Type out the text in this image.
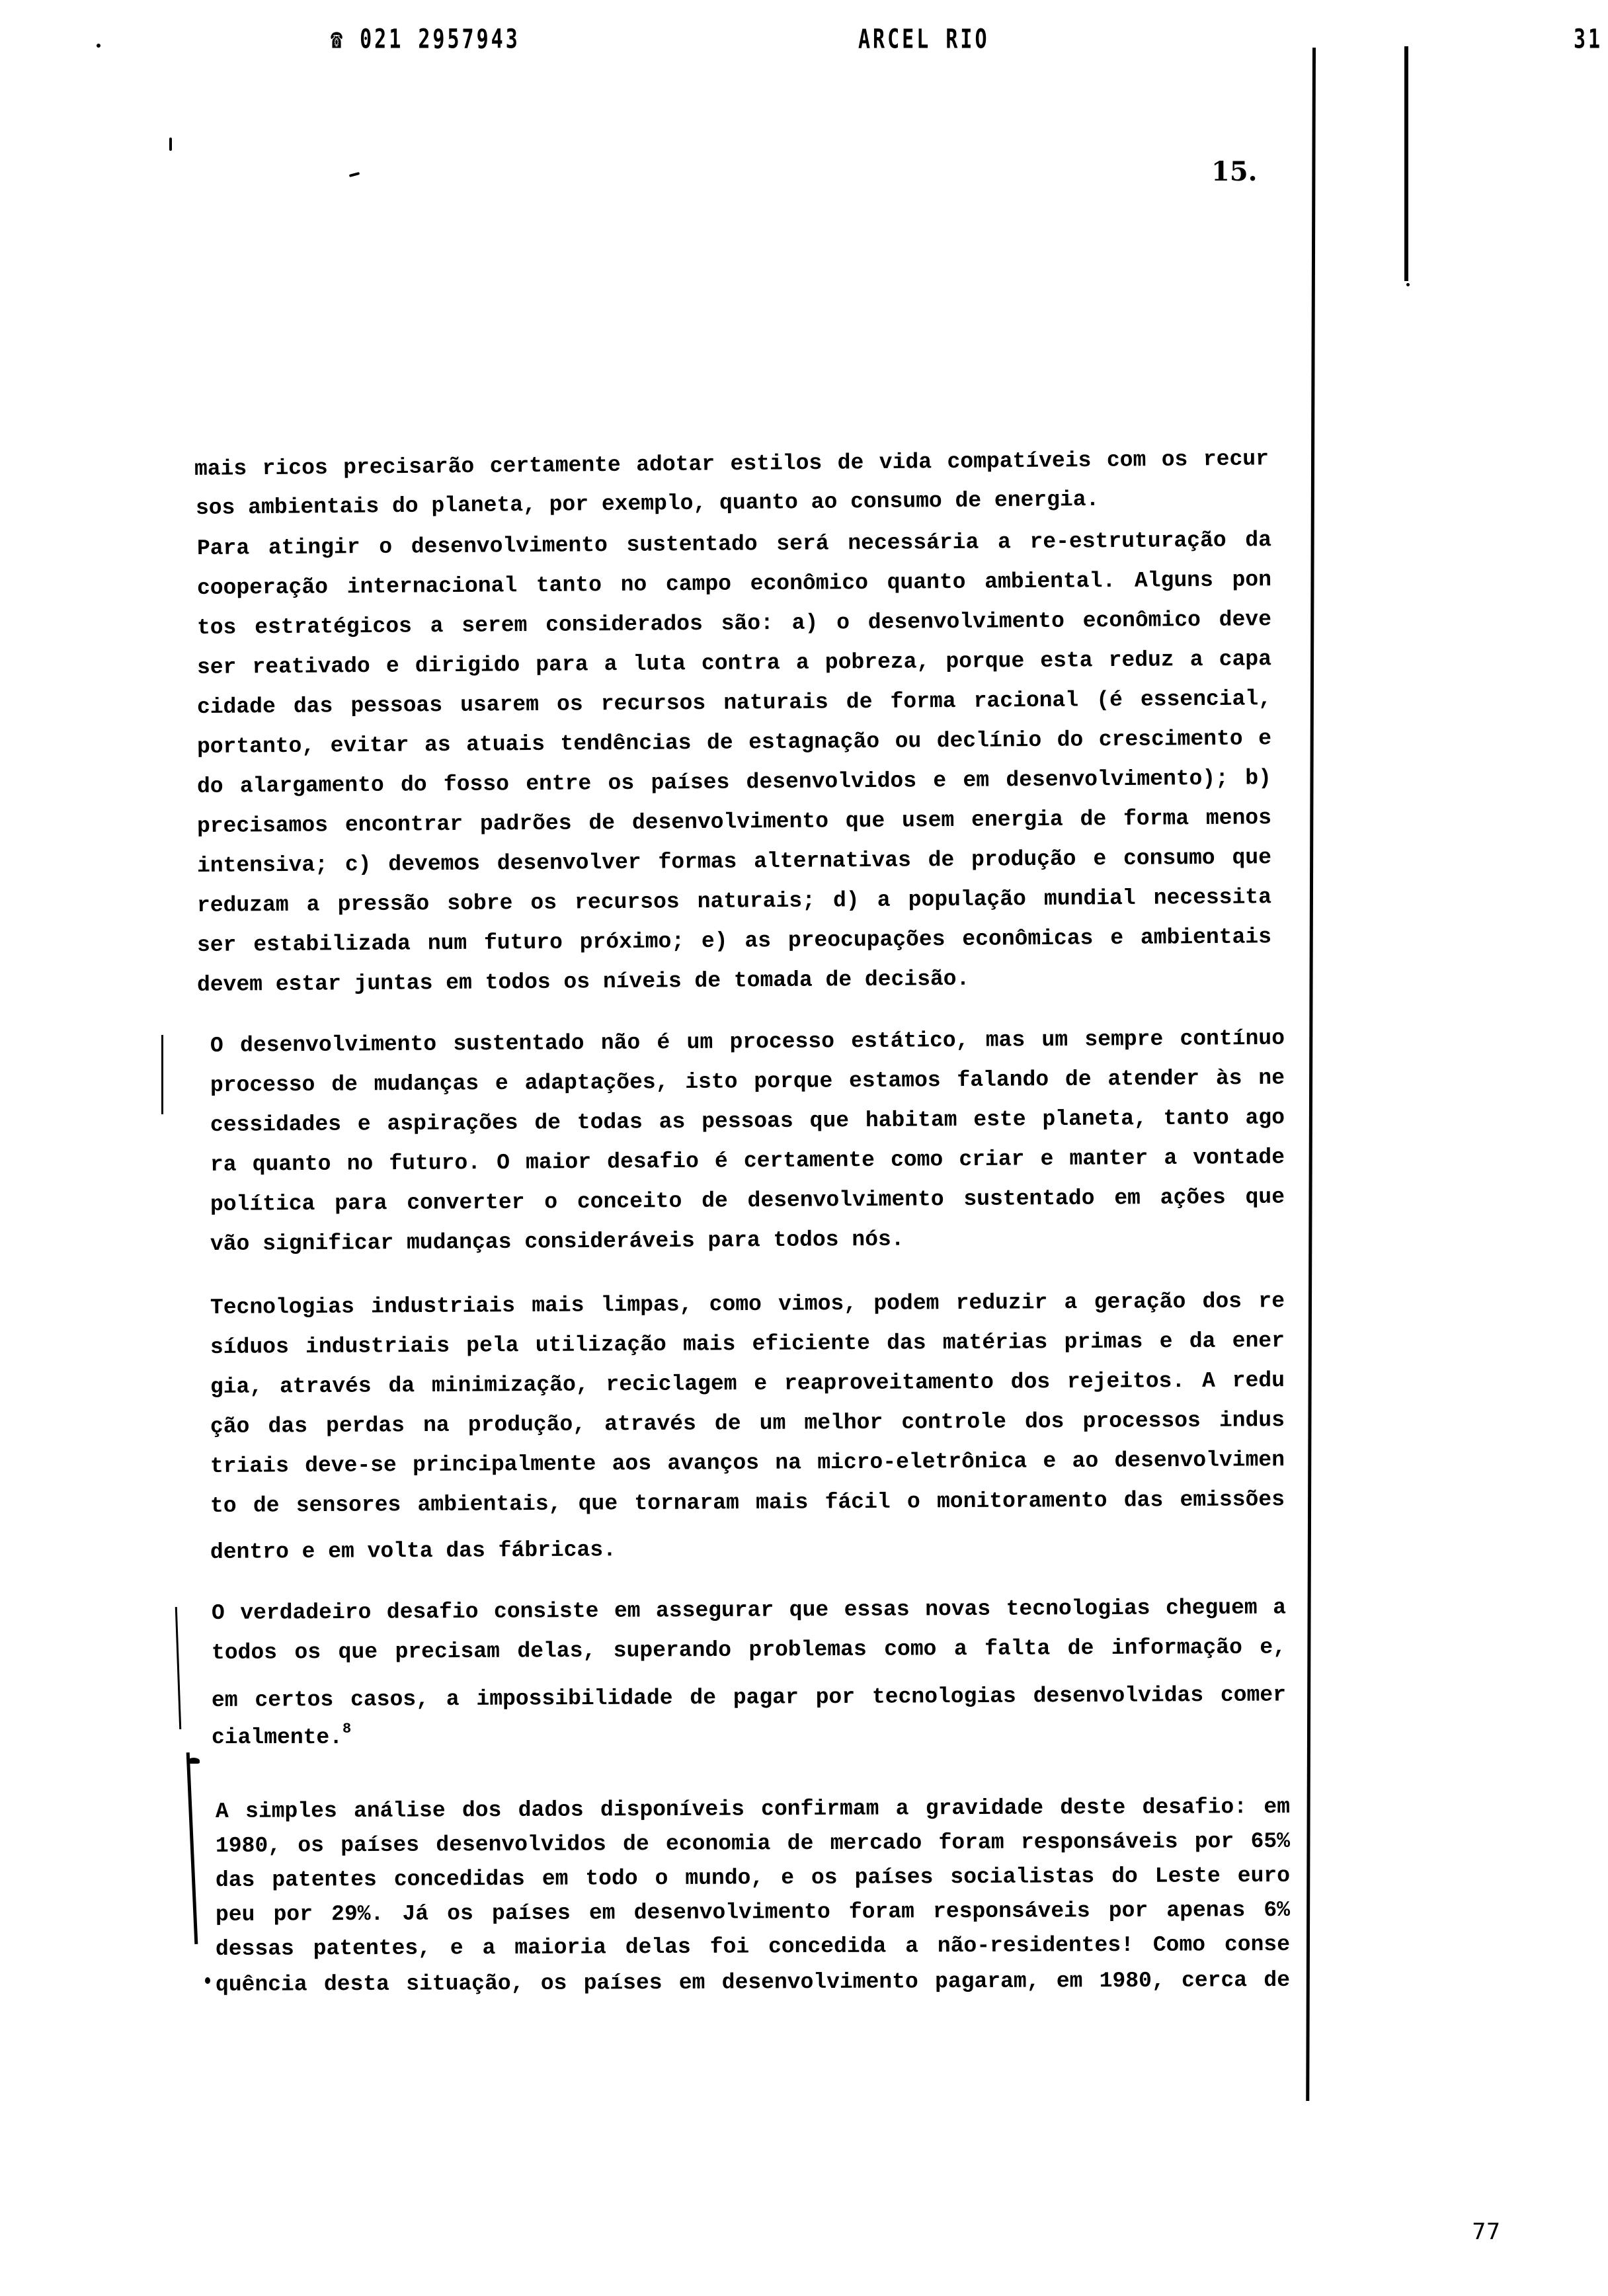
☎ 021 2957943	ARCEL RIO	31
15.
mais ricos precisarão certamente adotar estilos de vida compatíveis com os recur
sos ambientais do planeta, por exemplo, quanto ao consumo de energia.
Para atingir o desenvolvimento sustentado será necessária a re-estruturação da
cooperação internacional tanto no campo econômico quanto ambiental. Alguns pon
tos estratégicos a serem considerados são: a) o desenvolvimento econômico deve
ser reativado e dirigido para a luta contra a pobreza, porque esta reduz a capa
cidade das pessoas usarem os recursos naturais de forma racional (é essencial,
portanto, evitar as atuais tendências de estagnação ou declínio do crescimento e
do alargamento do fosso entre os países desenvolvidos e em desenvolvimento); b)
precisamos encontrar padrões de desenvolvimento que usem energia de forma menos
intensiva; c) devemos desenvolver formas alternativas de produção e consumo que
reduzam a pressão sobre os recursos naturais; d) a população mundial necessita
ser estabilizada num futuro próximo; e) as preocupações econômicas e ambientais
devem estar juntas em todos os níveis de tomada de decisão.
O desenvolvimento sustentado não é um processo estático, mas um sempre contínuo
processo de mudanças e adaptações, isto porque estamos falando de atender às ne
cessidades e aspirações de todas as pessoas que habitam este planeta, tanto ago
ra quanto no futuro. O maior desafio é certamente como criar e manter a vontade
política para converter o conceito de desenvolvimento sustentado em ações que
vão significar mudanças consideráveis para todos nós.
Tecnologias industriais mais limpas, como vimos, podem reduzir a geração dos re
síduos industriais pela utilização mais eficiente das matérias primas e da ener
gia, através da minimização, reciclagem e reaproveitamento dos rejeitos. A redu
ção das perdas na produção, através de um melhor controle dos processos indus
triais deve-se principalmente aos avanços na micro-eletrônica e ao desenvolvimen
to de sensores ambientais, que tornaram mais fácil o monitoramento das emissões
dentro e em volta das fábricas.
O verdadeiro desafio consiste em assegurar que essas novas tecnologias cheguem a
todos os que precisam delas, superando problemas como a falta de informação e,
em certos casos, a impossibilidade de pagar por tecnologias desenvolvidas comer
cialmente.$^8$
A simples análise dos dados disponíveis confirmam a gravidade deste desafio: em
1980, os países desenvolvidos de economia de mercado foram responsáveis por 65%
das patentes concedidas em todo o mundo, e os países socialistas do Leste euro
peu por 29%. Já os países em desenvolvimento foram responsáveis por apenas 6%
dessas patentes, e a maioria delas foi concedida a não-residentes! Como conse
quência desta situação, os países em desenvolvimento pagaram, em 1980, cerca de
77
